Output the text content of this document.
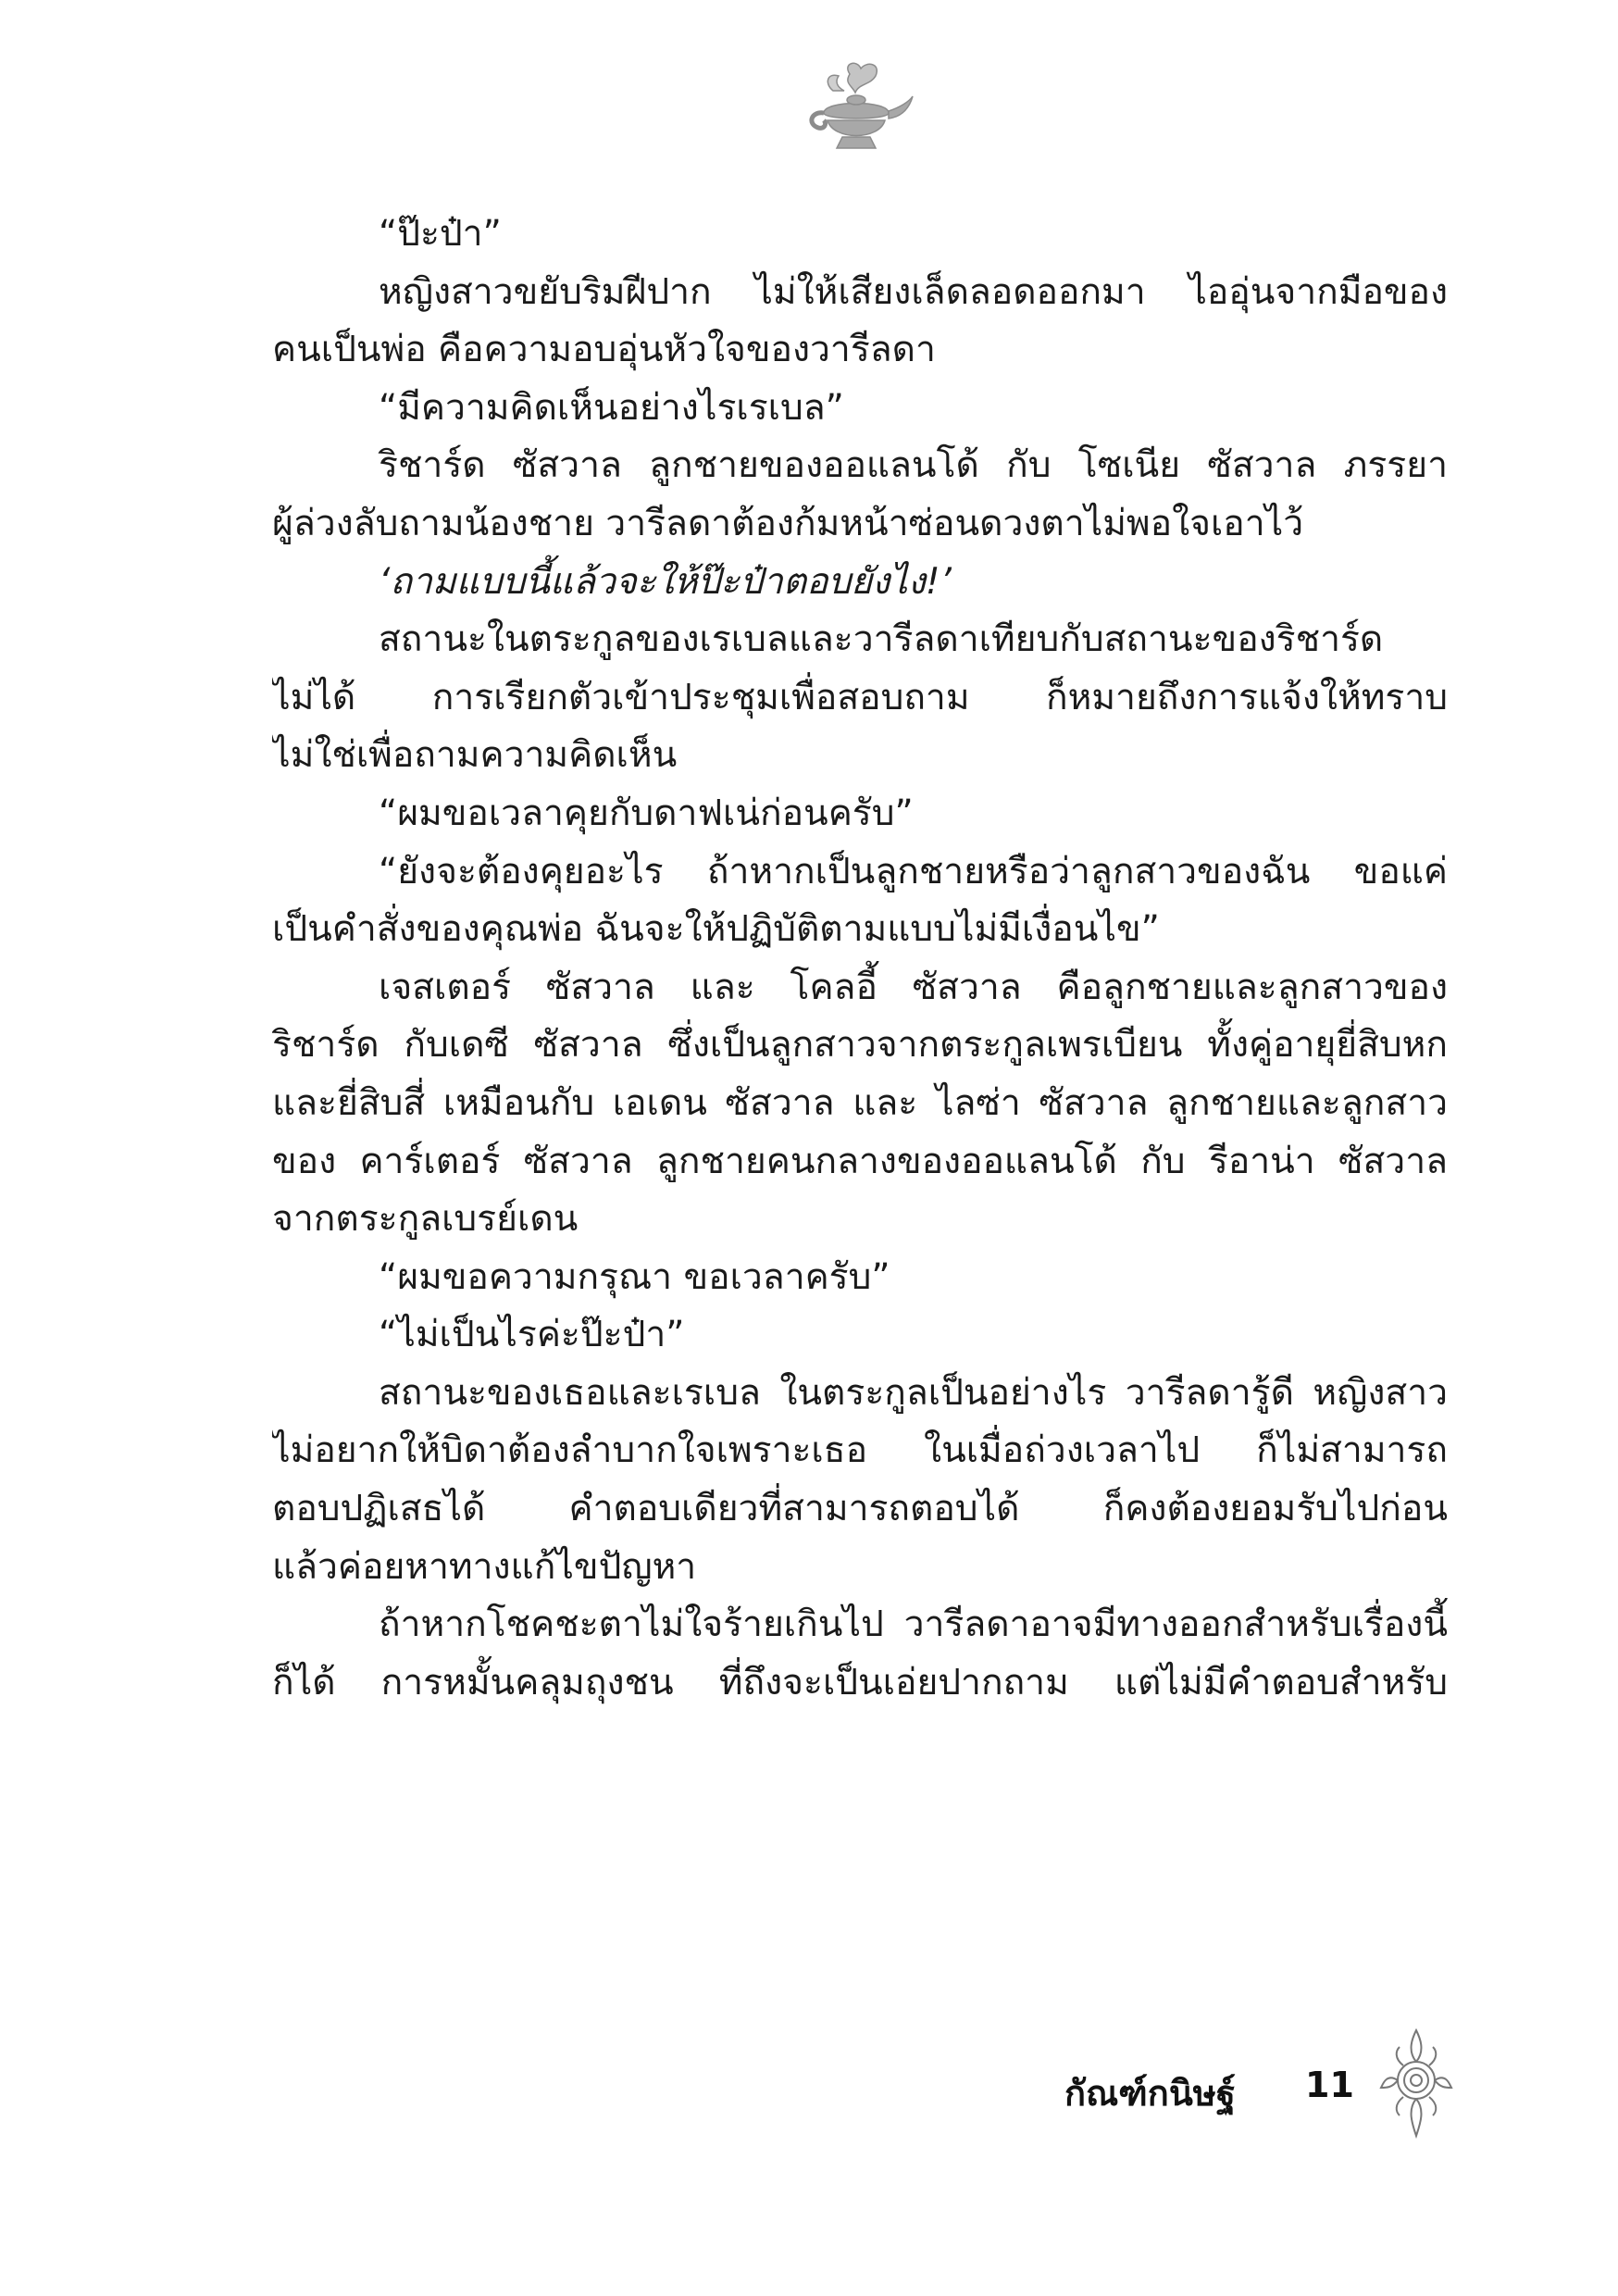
“ป๊ะป๋า”
หญิงสาวขยับริมฝีปาก ไม่ให้เสียงเล็ดลอดออกมา ไออุ่นจากมือของ
คนเป็นพ่อ คือความอบอุ่นหัวใจของวารีลดา
“มีความคิดเห็นอย่างไรเรเบล”
ริชาร์ด ซัสวาล ลูกชายของออแลนโด้ กับ โซเนีย ซัสวาล ภรรยา
ผู้ล่วงลับถามน้องชาย วารีลดาต้องก้มหน้าซ่อนดวงตาไม่พอใจเอาไว้
‘ถามแบบนี้แล้วจะให้ป๊ะป๋าตอบยังไง!’
สถานะในตระกูลของเรเบลและวารีลดาเทียบกับสถานะของริชาร์ด
ไม่ได้ การเรียกตัวเข้าประชุมเพื่อสอบถาม ก็หมายถึงการแจ้งให้ทราบ
ไม่ใช่เพื่อถามความคิดเห็น
“ผมขอเวลาคุยกับดาฟเน่ก่อนครับ”
“ยังจะต้องคุยอะไร ถ้าหากเป็นลูกชายหรือว่าลูกสาวของฉัน ขอแค่
เป็นคำสั่งของคุณพ่อ ฉันจะให้ปฏิบัติตามแบบไม่มีเงื่อนไข”
เจสเตอร์ ซัสวาล และ โคลอี้ ซัสวาล คือลูกชายและลูกสาวของ
ริชาร์ด กับเดซี ซัสวาล ซึ่งเป็นลูกสาวจากตระกูลเพรเบียน ทั้งคู่อายุยี่สิบหก
และยี่สิบสี่ เหมือนกับ เอเดน ซัสวาล และ ไลซ่า ซัสวาล ลูกชายและลูกสาว
ของ คาร์เตอร์ ซัสวาล ลูกชายคนกลางของออแลนโด้ กับ รีอาน่า ซัสวาล
จากตระกูลเบรย์เดน
“ผมขอความกรุณา ขอเวลาครับ”
“ไม่เป็นไรค่ะป๊ะป๋า”
สถานะของเธอและเรเบล ในตระกูลเป็นอย่างไร วารีลดารู้ดี หญิงสาว
ไม่อยากให้บิดาต้องลำบากใจเพราะเธอ ในเมื่อถ่วงเวลาไป ก็ไม่สามารถ
ตอบปฏิเสธได้ คำตอบเดียวที่สามารถตอบได้ ก็คงต้องยอมรับไปก่อน
แล้วค่อยหาทางแก้ไขปัญหา
ถ้าหากโชคชะตาไม่ใจร้ายเกินไป วารีลดาอาจมีทางออกสำหรับเรื่องนี้
ก็ได้ การหมั้นคลุมถุงชน ที่ถึงจะเป็นเอ่ยปากถาม แต่ไม่มีคำตอบสำหรับ
กัณฑ์กนิษฐ์ 11
